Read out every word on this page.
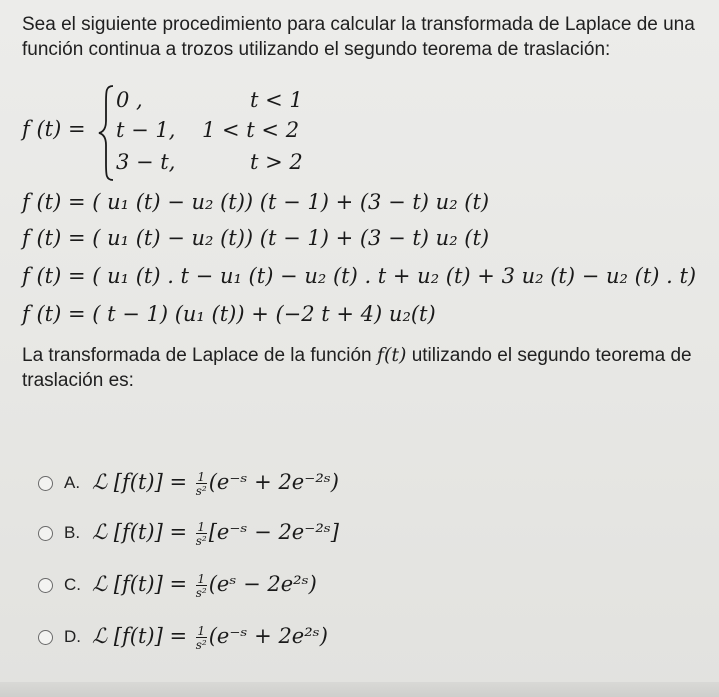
Sea el siguiente procedimiento para calcular la transformada de Laplace de una función continua a trozos utilizando el segundo teorema de traslación:
f (t) =
0 ,	t < 1
t − 1, 1 < t < 2
3 − t,	t > 2
f (t) = ( u₁ (t) − u₂ (t)) (t − 1) + (3 − t) u₂ (t)
f (t) = ( u₁ (t) − u₂ (t)) (t − 1) + (3 − t) u₂ (t)
f (t) = ( u₁ (t) . t − u₁ (t) − u₂ (t) . t + u₂ (t) + 3 u₂ (t) − u₂ (t) . t)
f (t) = ( t − 1) (u₁ (t)) + (−2 t + 4) u₂(t)
La transformada de Laplace de la función f(t) utilizando el segundo teorema de traslación es:
A. ℒ $[f(t)] = \frac{1}{\text{s²}}$ (e⁻ˢ + 2e⁻²ˢ)
B. ℒ $[f(t)] = \frac{1}{\text{s²}}$ [e⁻ˢ − 2e⁻²ˢ]
C. ℒ $[f(t)] = \frac{1}{\text{s²}}$ (eˢ − 2e²ˢ)
D. ℒ $[f(t)] = \frac{1}{\text{s²}}$ (e⁻ˢ + 2e²ˢ)
